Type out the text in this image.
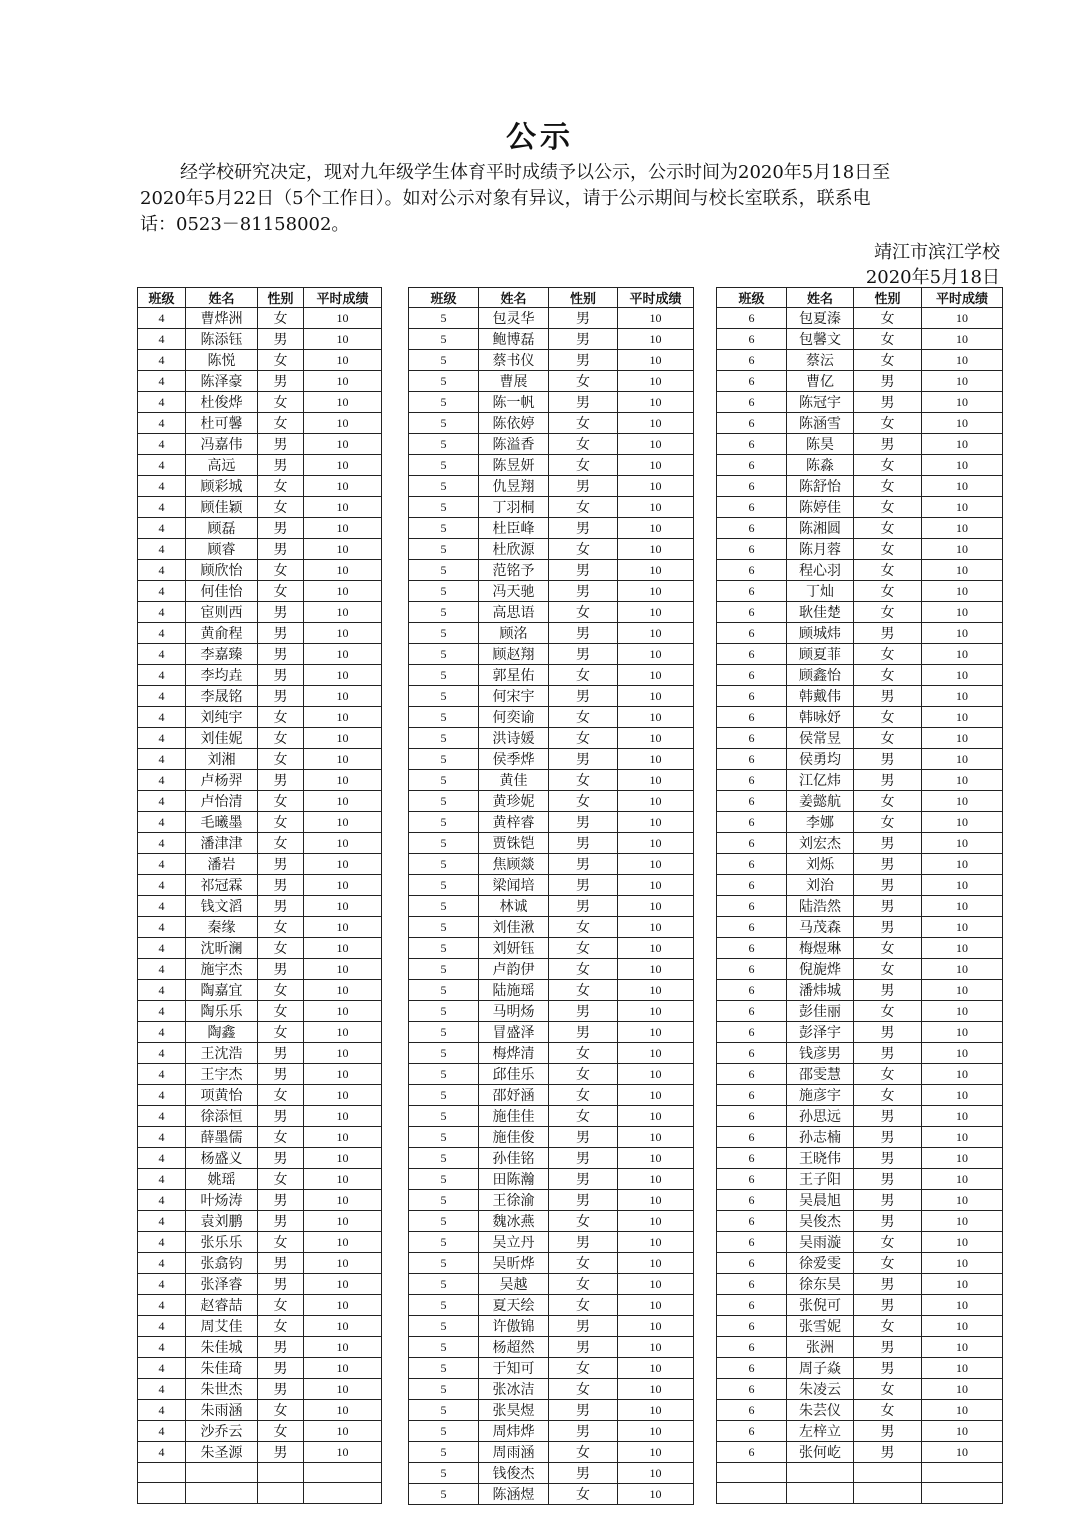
公示
经学校研究决定，现对九年级学生体育平时成绩予以公示，公示时间为2020年5月18日至
2020年5月22日（5个工作日）。如对公示对象有异议，请于公示期间与校长室联系，联系电
话：0523－81158002。
靖江市滨江学校
2020年5月18日
班级	姓名	性别	平时成绩
4	曹烨洲	女	10
4	陈添钰	男	10
4	陈悦	女	10
4	陈泽豪	男	10
4	杜俊烨	女	10
4	杜可馨	女	10
4	冯嘉伟	男	10
4	高远	男	10
4	顾彩城	女	10
4	顾佳颖	女	10
4	顾磊	男	10
4	顾睿	男	10
4	顾欣怡	女	10
4	何佳怡	女	10
4	宦则西	男	10
4	黄俞程	男	10
4	李嘉臻	男	10
4	李均垚	男	10
4	李晟铭	男	10
4	刘纯宇	女	10
4	刘佳妮	女	10
4	刘湘	女	10
4	卢杨羿	男	10
4	卢怡清	女	10
4	毛曦墨	女	10
4	潘津津	女	10
4	潘岩	男	10
4	祁冠霖	男	10
4	钱文滔	男	10
4	秦缘	女	10
4	沈昕澜	女	10
4	施宇杰	男	10
4	陶嘉宜	女	10
4	陶乐乐	女	10
4	陶鑫	女	10
4	王沈浩	男	10
4	王宇杰	男	10
4	项黄怡	女	10
4	徐添恒	男	10
4	薛墨儒	女	10
4	杨盛义	男	10
4	姚瑶	女	10
4	叶炀涛	男	10
4	袁刘鹏	男	10
4	张乐乐	女	10
4	张翕钧	男	10
4	张泽睿	男	10
4	赵睿喆	女	10
4	周艾佳	女	10
4	朱佳城	男	10
4	朱佳琦	男	10
4	朱世杰	男	10
4	朱雨涵	女	10
4	沙乔云	女	10
4	朱圣源	男	10

班级	姓名	性别	平时成绩
5	包灵华	男	10
5	鲍博磊	男	10
5	蔡书仪	男	10
5	曹展	女	10
5	陈一帆	男	10
5	陈依婷	女	10
5	陈溢香	女	10
5	陈昱妍	女	10
5	仇昱翔	男	10
5	丁羽桐	女	10
5	杜臣峰	男	10
5	杜欣源	女	10
5	范铭予	男	10
5	冯天驰	男	10
5	高思语	女	10
5	顾洺	男	10
5	顾赵翔	男	10
5	郭星佑	女	10
5	何宋宇	男	10
5	何奕谕	女	10
5	洪诗媛	女	10
5	侯季烨	男	10
5	黄佳	女	10
5	黄珍妮	女	10
5	黄梓睿	男	10
5	贾铢铠	男	10
5	焦顾燚	男	10
5	梁闻培	男	10
5	林诚	男	10
5	刘佳湫	女	10
5	刘妍钰	女	10
5	卢韵伊	女	10
5	陆施瑶	女	10
5	马明炀	男	10
5	冒盛泽	男	10
5	梅烨清	女	10
5	邱佳乐	女	10
5	邵妤涵	女	10
5	施佳佳	女	10
5	施佳俊	男	10
5	孙佳铭	男	10
5	田陈瀚	男	10
5	王徐渝	男	10
5	魏冰燕	女	10
5	吴立丹	男	10
5	吴昕烨	女	10
5	吴越	女	10
5	夏天绘	女	10
5	许傲锦	男	10
5	杨超然	男	10
5	于知可	女	10
5	张冰洁	女	10
5	张昊煜	男	10
5	周炜烨	男	10
5	周雨涵	女	10
5	钱俊杰	男	10
5	陈涵煜	女	10
班级	姓名	性别	平时成绩
6	包夏溱	女	10
6	包馨文	女	10
6	蔡沄	女	10
6	曹亿	男	10
6	陈冠宇	男	10
6	陈涵雪	女	10
6	陈昊	男	10
6	陈淼	女	10
6	陈舒怡	女	10
6	陈婷佳	女	10
6	陈湘圆	女	10
6	陈月蓉	女	10
6	程心羽	女	10
6	丁灿	女	10
6	耿佳楚	女	10
6	顾城炜	男	10
6	顾夏菲	女	10
6	顾鑫怡	女	10
6	韩戴伟	男	10
6	韩咏妤	女	10
6	侯常昱	女	10
6	侯勇均	男	10
6	江亿炜	男	10
6	姜懿航	女	10
6	李娜	女	10
6	刘宏杰	男	10
6	刘烁	男	10
6	刘治	男	10
6	陆浩然	男	10
6	马茂森	男	10
6	梅煜琳	女	10
6	倪旎烨	女	10
6	潘炜城	男	10
6	彭佳丽	女	10
6	彭泽宇	男	10
6	钱彦男	男	10
6	邵雯慧	女	10
6	施彦宇	女	10
6	孙思远	男	10
6	孙志楠	男	10
6	王晓伟	男	10
6	王子阳	男	10
6	吴晨旭	男	10
6	吴俊杰	男	10
6	吴雨漩	女	10
6	徐爱雯	女	10
6	徐东昊	男	10
6	张倪可	男	10
6	张雪妮	女	10
6	张洲	男	10
6	周子焱	男	10
6	朱凌云	女	10
6	朱芸仪	女	10
6	左梓立	男	10
6	张何屹	男	10
